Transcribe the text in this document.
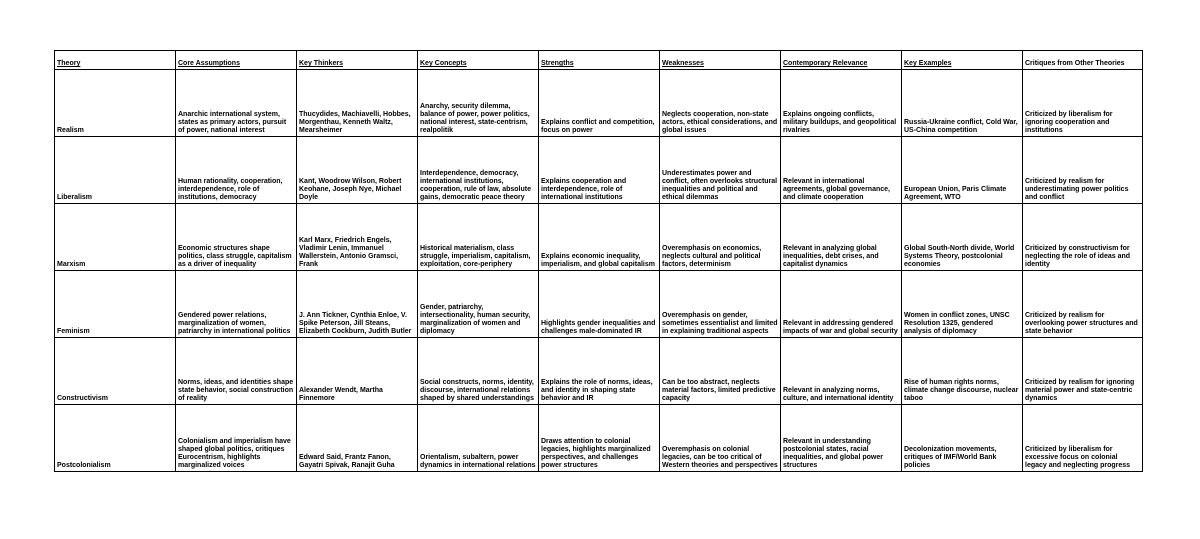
Theory	Core Assumptions	Key Thinkers	Key Concepts	Strengths	Weaknesses	Contemporary Relevance	Key Examples	Critiques from Other Theories
Realism	Anarchic international system, states as primary actors, pursuit of power, national interest	Thucydides, Machiavelli, Hobbes, Morgenthau, Kenneth Waltz, Mearsheimer	Anarchy, security dilemma, balance of power, power politics, national interest, state-centrism, realpolitik	Explains conflict and competition, focus on power	Neglects cooperation, non-state actors, ethical considerations, and global issues	Explains ongoing conflicts, military buildups, and geopolitical rivalries	Russia-Ukraine conflict, Cold War, US-China competition	Criticized by liberalism for ignoring cooperation and institutions
Liberalism	Human rationality, cooperation, interdependence, role of institutions, democracy	Kant, Woodrow Wilson, Robert Keohane, Joseph Nye, Michael Doyle	Interdependence, democracy, international institutions, cooperation, rule of law, absolute gains, democratic peace theory	Explains cooperation and interdependence, role of international institutions	Underestimates power and conflict, often overlooks structural inequalities and political and ethical dilemmas	Relevant in international agreements, global governance, and climate cooperation	European Union, Paris Climate Agreement, WTO	Criticized by realism for underestimating power politics and conflict
Marxism	Economic structures shape politics, class struggle, capitalism as a driver of inequality	Karl Marx, Friedrich Engels, Vladimir Lenin, Immanuel Wallerstein, Antonio Gramsci, Frank	Historical materialism, class struggle, imperialism, capitalism, exploitation, core-periphery	Explains economic inequality, imperialism, and global capitalism	Overemphasis on economics, neglects cultural and political factors, determinism	Relevant in analyzing global inequalities, debt crises, and capitalist dynamics	Global South-North divide, World Systems Theory, postcolonial economies	Criticized by constructivism for neglecting the role of ideas and identity
Feminism	Gendered power relations, marginalization of women, patriarchy in international politics	J. Ann Tickner, Cynthia Enloe, V. Spike Peterson, Jill Steans, Elizabeth Cockburn, Judith Butler	Gender, patriarchy, intersectionality, human security, marginalization of women and diplomacy	Highlights gender inequalities and challenges male-dominated IR	Overemphasis on gender, sometimes essentialist and limited in explaining traditional aspects	Relevant in addressing gendered impacts of war and global security	Women in conflict zones, UNSC Resolution 1325, gendered analysis of diplomacy	Criticized by realism for overlooking power structures and state behavior
Constructivism	Norms, ideas, and identities shape state behavior, social construction of reality	Alexander Wendt, Martha Finnemore	Social constructs, norms, identity, discourse, international relations shaped by shared understandings	Explains the role of norms, ideas, and identity in shaping state behavior and IR	Can be too abstract, neglects material factors, limited predictive capacity	Relevant in analyzing norms, culture, and international identity	Rise of human rights norms, climate change discourse, nuclear taboo	Criticized by realism for ignoring material power and state-centric dynamics
Postcolonialism	Colonialism and imperialism have shaped global politics, critiques Eurocentrism, highlights marginalized voices	Edward Said, Frantz Fanon, Gayatri Spivak, Ranajit Guha	Orientalism, subaltern, power dynamics in international relations	Draws attention to colonial legacies, highlights marginalized perspectives, and challenges power structures	Overemphasis on colonial legacies, can be too critical of Western theories and perspectives	Relevant in understanding postcolonial states, racial inequalities, and global power structures	Decolonization movements, critiques of IMF/World Bank policies	Criticized by liberalism for excessive focus on colonial legacy and neglecting progress
